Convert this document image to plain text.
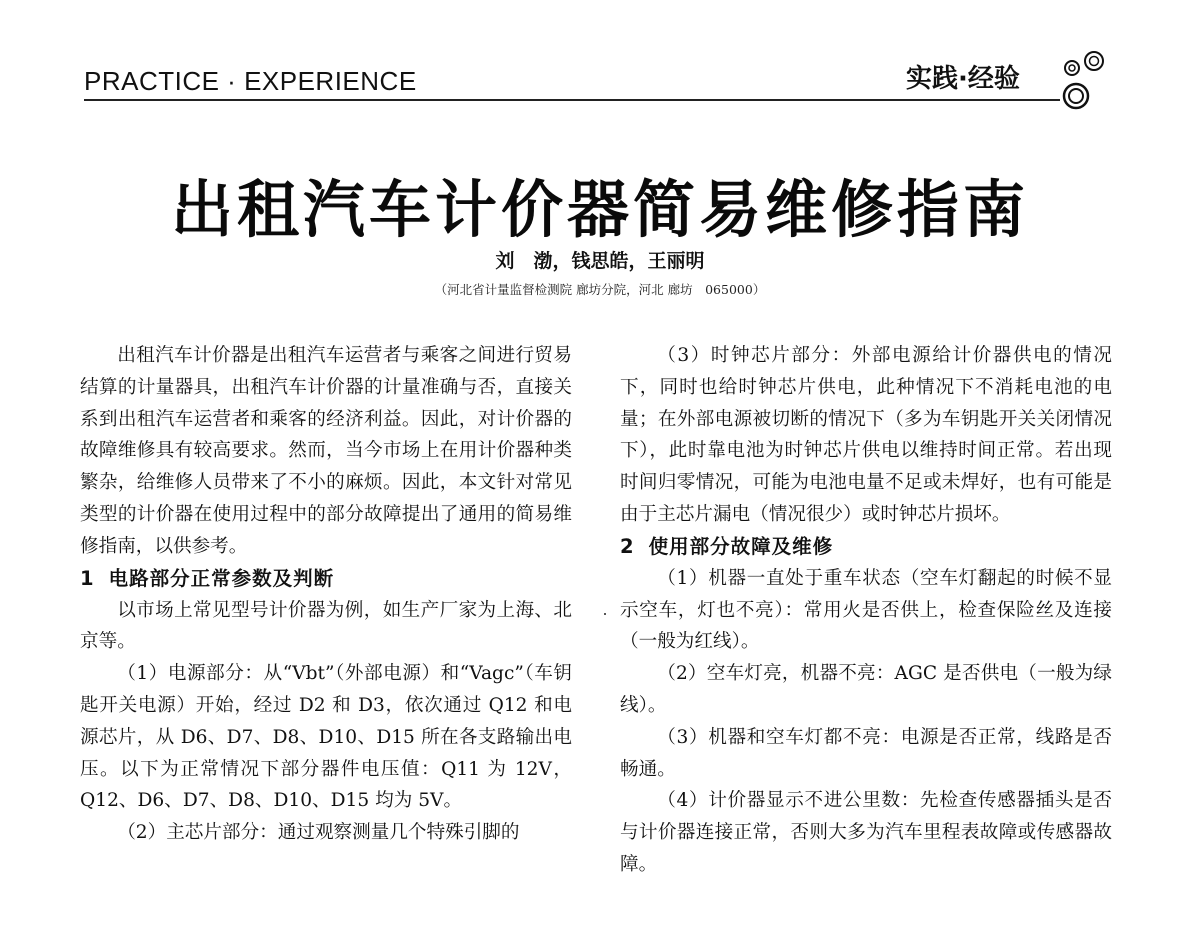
PRACTICE · EXPERIENCE	实践·经验
出租汽车计价器简易维修指南
刘　渤，钱思皓，王丽明
（河北省计量监督检测院 廊坊分院，河北 廊坊　065000）

出租汽车计价器是出租汽车运营者与乘客之间进行贸易结算的计量器具，出租汽车计价器的计量准确与否，直接关系到出租汽车运营者和乘客的经济利益。因此，对计价器的故障维修具有较高要求。然而，当今市场上在用计价器种类繁杂，给维修人员带来了不小的麻烦。因此，本文针对常见类型的计价器在使用过程中的部分故障提出了通用的简易维修指南，以供参考。

1 电路部分正常参数及判断

以市场上常见型号计价器为例，如生产厂家为上海、北京等。

（1）电源部分：从“Vbt”（外部电源）和“Vagc”（车钥匙开关电源）开始，经过 D2 和 D3，依次通过 Q12 和电源芯片，从 D6、D7、D8、D10、D15 所在各支路输出电压。以下为正常情况下部分器件电压值：Q11 为 12V，Q12、D6、D7、D8、D10、D15 均为 5V。

（2）主芯片部分：通过观察测量几个特殊引脚的

（3）时钟芯片部分：外部电源给计价器供电的情况下，同时也给时钟芯片供电，此种情况下不消耗电池的电量；在外部电源被切断的情况下（多为车钥匙开关关闭情况下），此时靠电池为时钟芯片供电以维持时间正常。若出现时间归零情况，可能为电池电量不足或未焊好，也有可能是由于主芯片漏电（情况很少）或时钟芯片损坏。

2 使用部分故障及维修

（1）机器一直处于重车状态（空车灯翻起的时候不显示空车，灯也不亮）：常用火是否供上，检查保险丝及连接（一般为红线）。

（2）空车灯亮，机器不亮：AGC 是否供电（一般为绿线）。

（3）机器和空车灯都不亮：电源是否正常，线路是否畅通。

（4）计价器显示不进公里数：先检查传感器插头是否与计价器连接正常，否则大多为汽车里程表故障或传感器故障。
